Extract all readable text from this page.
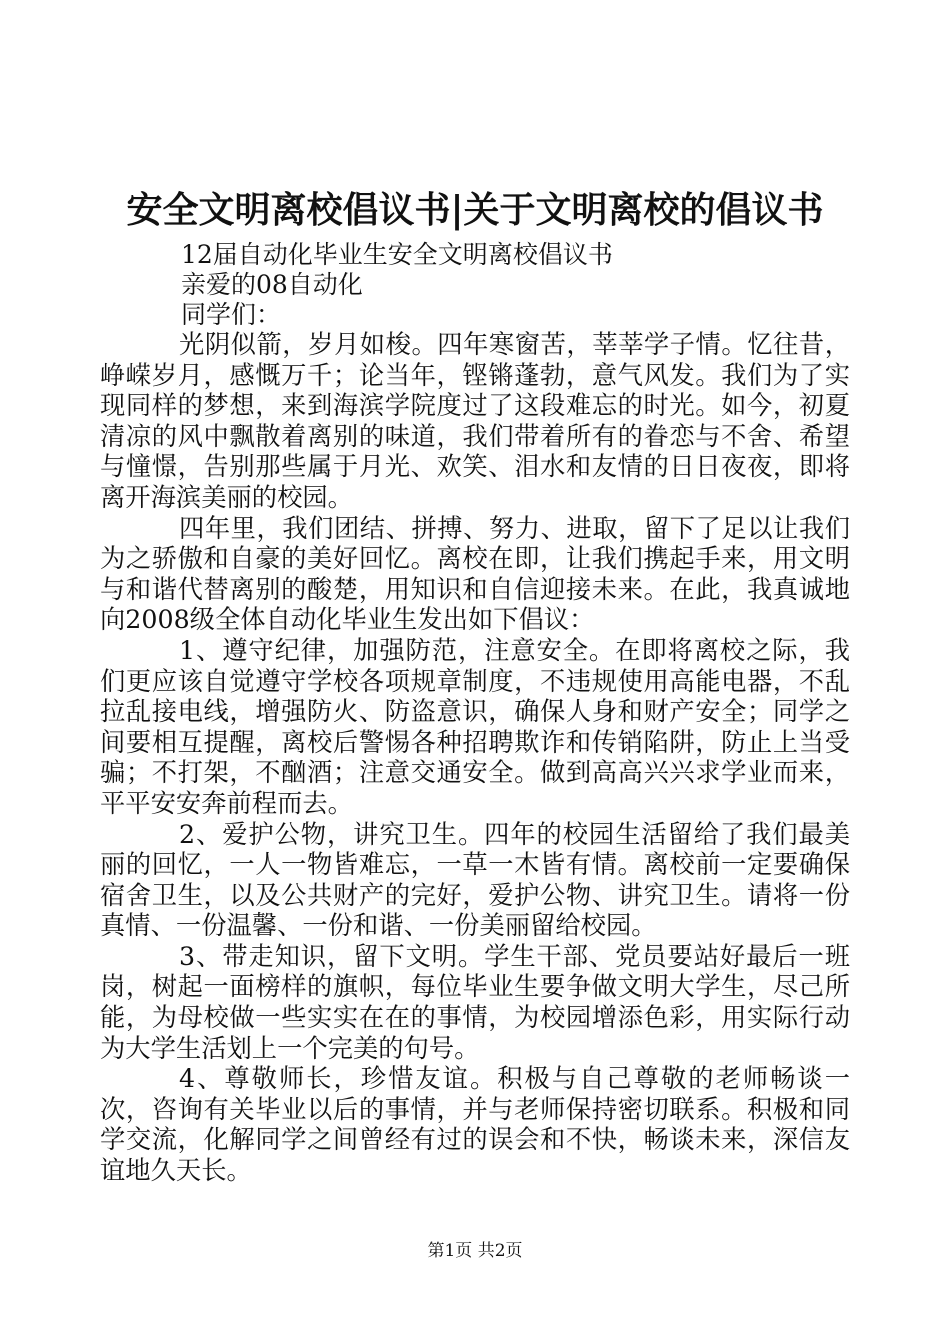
安全文明离校倡议书|关于文明离校的倡议书
12届自动化毕业生安全文明离校倡议书
亲爱的08自动化
同学们：

光阴似箭，岁月如梭。四年寒窗苦，莘莘学子情。忆往昔，峥嵘岁月，感慨万千；论当年，铿锵蓬勃，意气风发。我们为了实现同样的梦想，来到海滨学院度过了这段难忘的时光。如今，初夏清凉的风中飘散着离别的味道，我们带着所有的眷恋与不舍、希望与憧憬，告别那些属于月光、欢笑、泪水和友情的日日夜夜，即将离开海滨美丽的校园。

四年里，我们团结、拼搏、努力、进取，留下了足以让我们为之骄傲和自豪的美好回忆。离校在即，让我们携起手来，用文明与和谐代替离别的酸楚，用知识和自信迎接未来。在此，我真诚地向2008级全体自动化毕业生发出如下倡议：

1、遵守纪律，加强防范，注意安全。在即将离校之际，我们更应该自觉遵守学校各项规章制度，不违规使用高能电器，不乱拉乱接电线，增强防火、防盗意识，确保人身和财产安全；同学之间要相互提醒，离校后警惕各种招聘欺诈和传销陷阱，防止上当受骗；不打架，不酗酒；注意交通安全。做到高高兴兴求学业而来，平平安安奔前程而去。

2、爱护公物，讲究卫生。四年的校园生活留给了我们最美丽的回忆，一人一物皆难忘，一草一木皆有情。离校前一定要确保宿舍卫生，以及公共财产的完好，爱护公物、讲究卫生。请将一份真情、一份温馨、一份和谐、一份美丽留给校园。

3、带走知识，留下文明。学生干部、党员要站好最后一班岗，树起一面榜样的旗帜，每位毕业生要争做文明大学生，尽己所能，为母校做一些实实在在的事情，为校园增添色彩，用实际行动为大学生活划上一个完美的句号。

4、尊敬师长，珍惜友谊。积极与自己尊敬的老师畅谈一次，咨询有关毕业以后的事情，并与老师保持密切联系。积极和同学交流，化解同学之间曾经有过的误会和不快，畅谈未来，深信友谊地久天长。

第1页 共2页
